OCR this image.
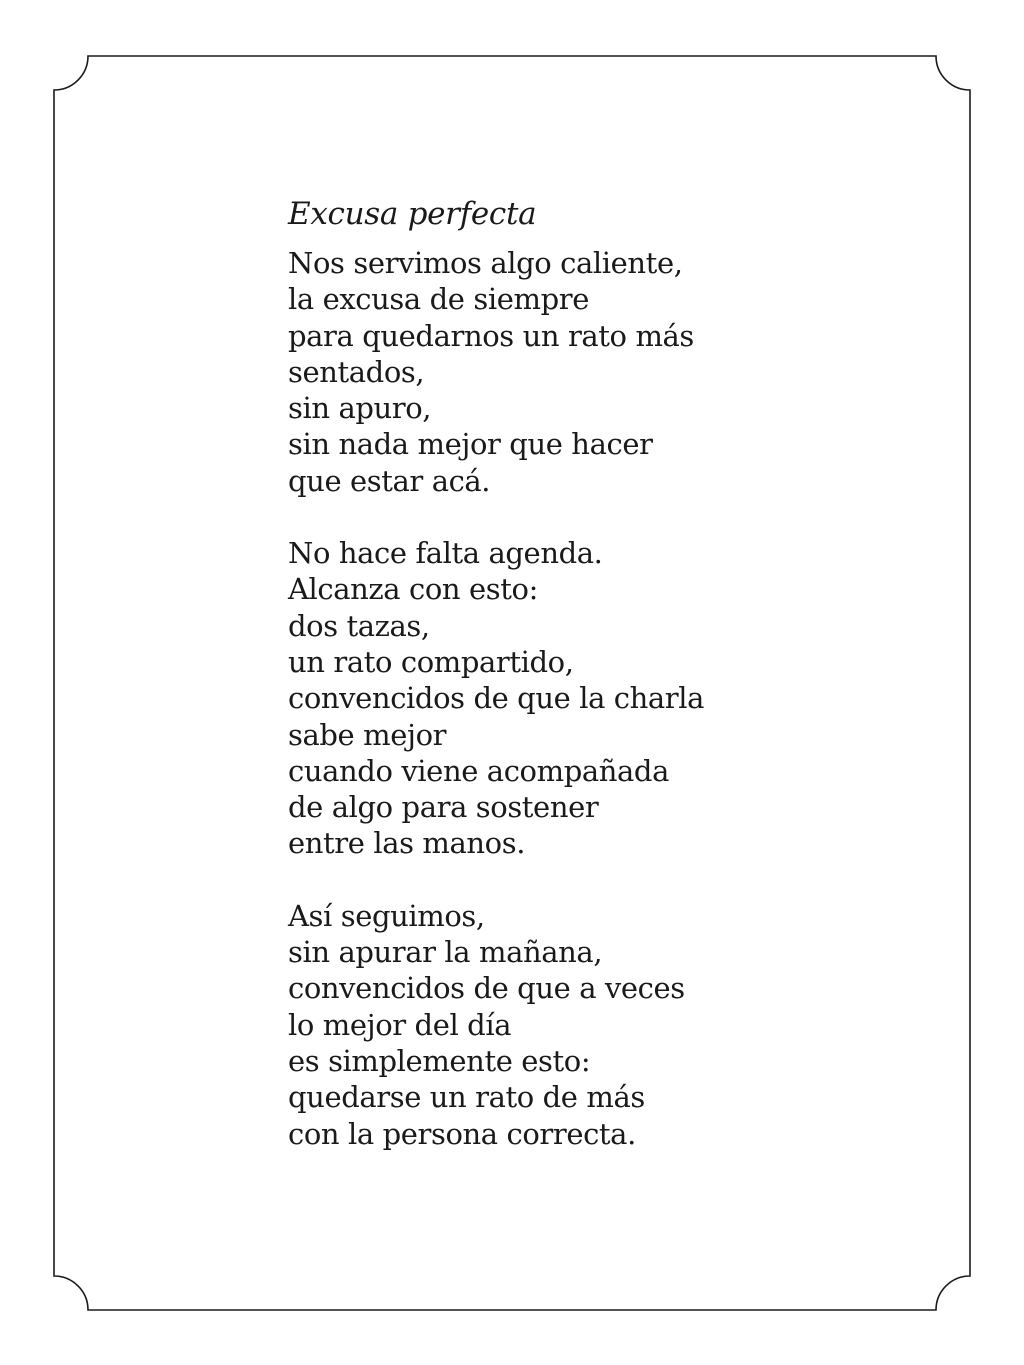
Excusa perfecta
Nos servimos algo caliente,
la excusa de siempre
para quedarnos un rato más
sentados,
sin apuro,
sin nada mejor que hacer
que estar acá.
No hace falta agenda.
Alcanza con esto:
dos tazas,
un rato compartido,
convencidos de que la charla
sabe mejor
cuando viene acompañada
de algo para sostener
entre las manos.
Así seguimos,
sin apurar la mañana,
convencidos de que a veces
lo mejor del día
es simplemente esto:
quedarse un rato de más
con la persona correcta.
